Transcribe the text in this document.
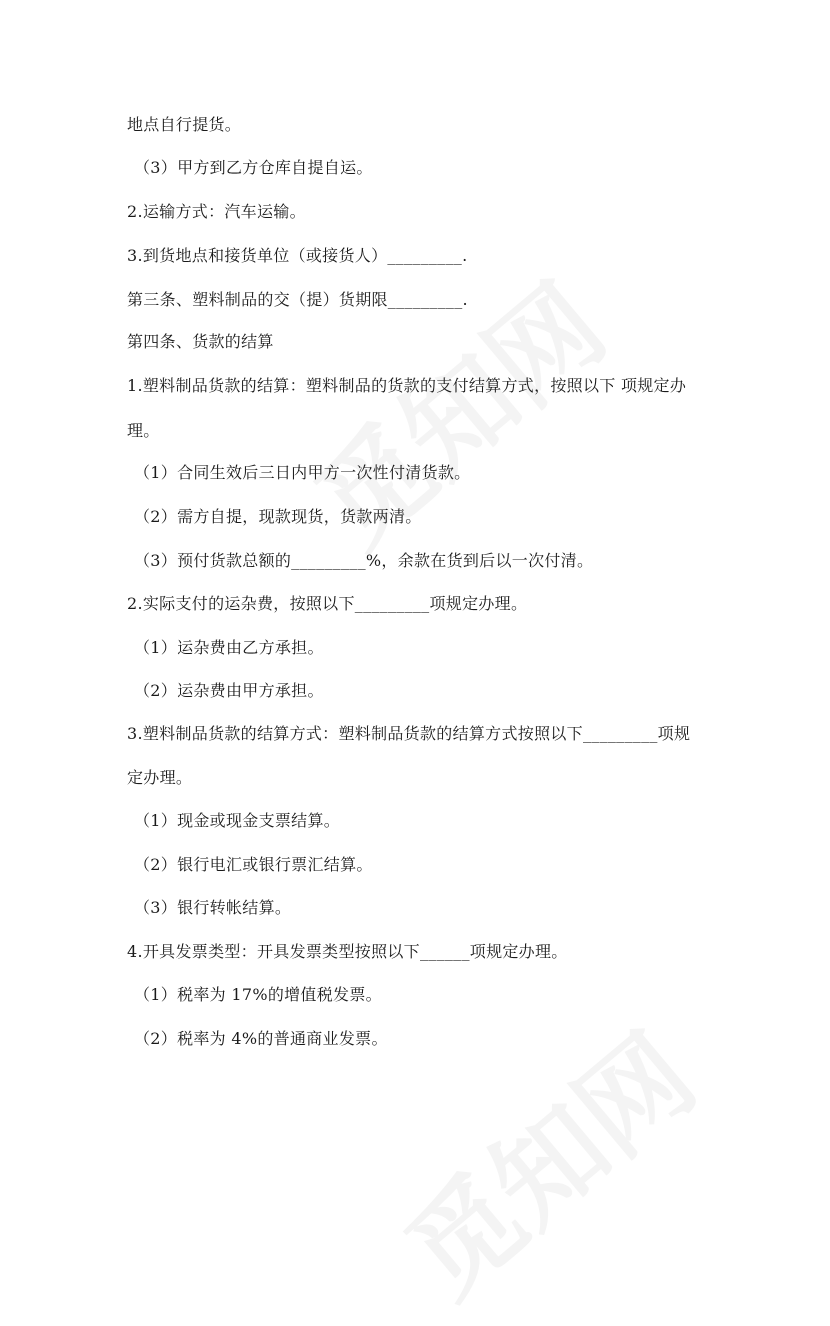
地点自行提货。
（3）甲方到乙方仓库自提自运。
2.运输方式：汽车运输。
3.到货地点和接货单位（或接货人）_________.
第三条、塑料制品的交（提）货期限_________.
第四条、货款的结算
1.塑料制品货款的结算：塑料制品的货款的支付结算方式，按照以下 项规定办
理。
（1）合同生效后三日内甲方一次性付清货款。
（2）需方自提，现款现货，货款两清。
（3）预付货款总额的_________%，余款在货到后以一次付清。
2.实际支付的运杂费，按照以下_________项规定办理。
（1）运杂费由乙方承担。
（2）运杂费由甲方承担。
3.塑料制品货款的结算方式：塑料制品货款的结算方式按照以下_________项规
定办理。
（1）现金或现金支票结算。
（2）银行电汇或银行票汇结算。
（3）银行转帐结算。
4.开具发票类型：开具发票类型按照以下______项规定办理。
（1）税率为 17%的增值税发票。
（2）税率为 4%的普通商业发票。
